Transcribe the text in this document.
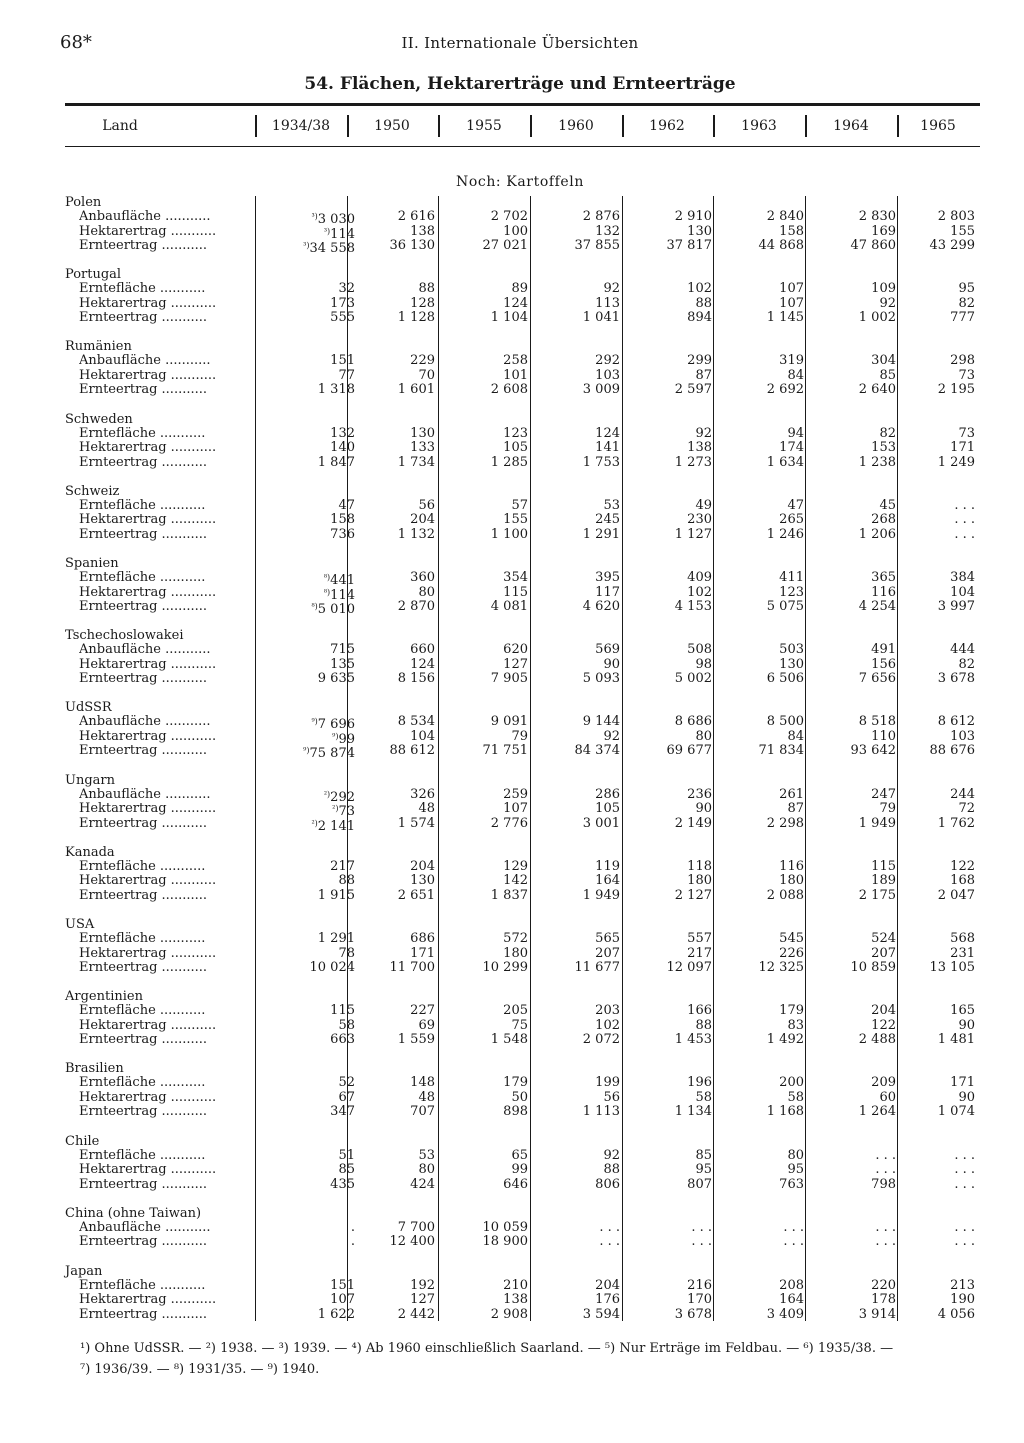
68*	II. Internationale Übersichten
54. Flächen, Hektarerträge und Ernteerträge
Land	1934/38	1950	1955	1960	1962	1963	1964	1965
Noch: Kartoffeln
Polen
Anbaufläche ...........	$^{^3)}$3 030	2 616	2 702	2 876	2 910	2 840	2 830	2 803
Hektarertrag ...........	$^{^3)}$114	138	100	132	130	158	169	155
Ernteertrag ...........	$^{^3)}$34 558	36 130	27 021	37 855	37 817	44 868	47 860	43 299
Portugal
Erntefläche ...........	32	88	89	92	102	107	109	95
Hektarertrag ...........	173	128	124	113	88	107	92	82
Ernteertrag ...........	555	1 128	1 104	1 041	894	1 145	1 002	777
Rumänien
Anbaufläche ...........	151	229	258	292	299	319	304	298
Hektarertrag ...........	77	70	101	103	87	84	85	73
Ernteertrag ...........	1 318	1 601	2 608	3 009	2 597	2 692	2 640	2 195
Schweden
Erntefläche ...........	132	130	123	124	92	94	82	73
Hektarertrag ...........	140	133	105	141	138	174	153	171
Ernteertrag ...........	1 847	1 734	1 285	1 753	1 273	1 634	1 238	1 249
Schweiz
Erntefläche ...........	47	56	57	53	49	47	45	. . .
Hektarertrag ...........	158	204	155	245	230	265	268	. . .
Ernteertrag ...........	736	1 132	1 100	1 291	1 127	1 246	1 206	. . .
Spanien
Erntefläche ...........	$^{^8)}$441	360	354	395	409	411	365	384
Hektarertrag ...........	$^{^8)}$114	80	115	117	102	123	116	104
Ernteertrag ...........	$^{^8)}$5 010	2 870	4 081	4 620	4 153	5 075	4 254	3 997
Tschechoslowakei
Anbaufläche ...........	715	660	620	569	508	503	491	444
Hektarertrag ...........	135	124	127	90	98	130	156	82
Ernteertrag ...........	9 635	8 156	7 905	5 093	5 002	6 506	7 656	3 678
UdSSR
Anbaufläche ...........	$^{^9)}$7 696	8 534	9 091	9 144	8 686	8 500	8 518	8 612
Hektarertrag ...........	$^{^9)}$99	104	79	92	80	84	110	103
Ernteertrag ...........	$^{^9)}$75 874	88 612	71 751	84 374	69 677	71 834	93 642	88 676
Ungarn
Anbaufläche ...........	$^{^2)}$292	326	259	286	236	261	247	244
Hektarertrag ...........	$^{^2)}$73	48	107	105	90	87	79	72
Ernteertrag ...........	$^{^2)}$2 141	1 574	2 776	3 001	2 149	2 298	1 949	1 762
Kanada
Erntefläche ...........	217	204	129	119	118	116	115	122
Hektarertrag ...........	88	130	142	164	180	180	189	168
Ernteertrag ...........	1 915	2 651	1 837	1 949	2 127	2 088	2 175	2 047
USA
Erntefläche ...........	1 291	686	572	565	557	545	524	568
Hektarertrag ...........	78	171	180	207	217	226	207	231
Ernteertrag ...........	10 024	11 700	10 299	11 677	12 097	12 325	10 859	13 105
Argentinien
Erntefläche ...........	115	227	205	203	166	179	204	165
Hektarertrag ...........	58	69	75	102	88	83	122	90
Ernteertrag ...........	663	1 559	1 548	2 072	1 453	1 492	2 488	1 481
Brasilien
Erntefläche ...........	52	148	179	199	196	200	209	171
Hektarertrag ...........	67	48	50	56	58	58	60	90
Ernteertrag ...........	347	707	898	1 113	1 134	1 168	1 264	1 074
Chile
Erntefläche ...........	51	53	65	92	85	80	. . .	. . .
Hektarertrag ...........	85	80	99	88	95	95	. . .	. . .
Ernteertrag ...........	435	424	646	806	807	763	798	. . .
China (ohne Taiwan)
Anbaufläche ...........	.	7 700	10 059	. . .	. . .	. . .	. . .	. . .
Ernteertrag ...........	.	12 400	18 900	. . .	. . .	. . .	. . .	. . .
Japan
Erntefläche ...........	151	192	210	204	216	208	220	213
Hektarertrag ...........	107	127	138	176	170	164	178	190
Ernteertrag ...........	1 622	2 442	2 908	3 594	3 678	3 409	3 914	4 056
¹) Ohne UdSSR. — ²) 1938. — ³) 1939. — ⁴) Ab 1960 einschließlich Saarland. — ⁵) Nur Erträge im Feldbau. — ⁶) 1935/38. —
⁷) 1936/39. — ⁸) 1931/35. — ⁹) 1940.
